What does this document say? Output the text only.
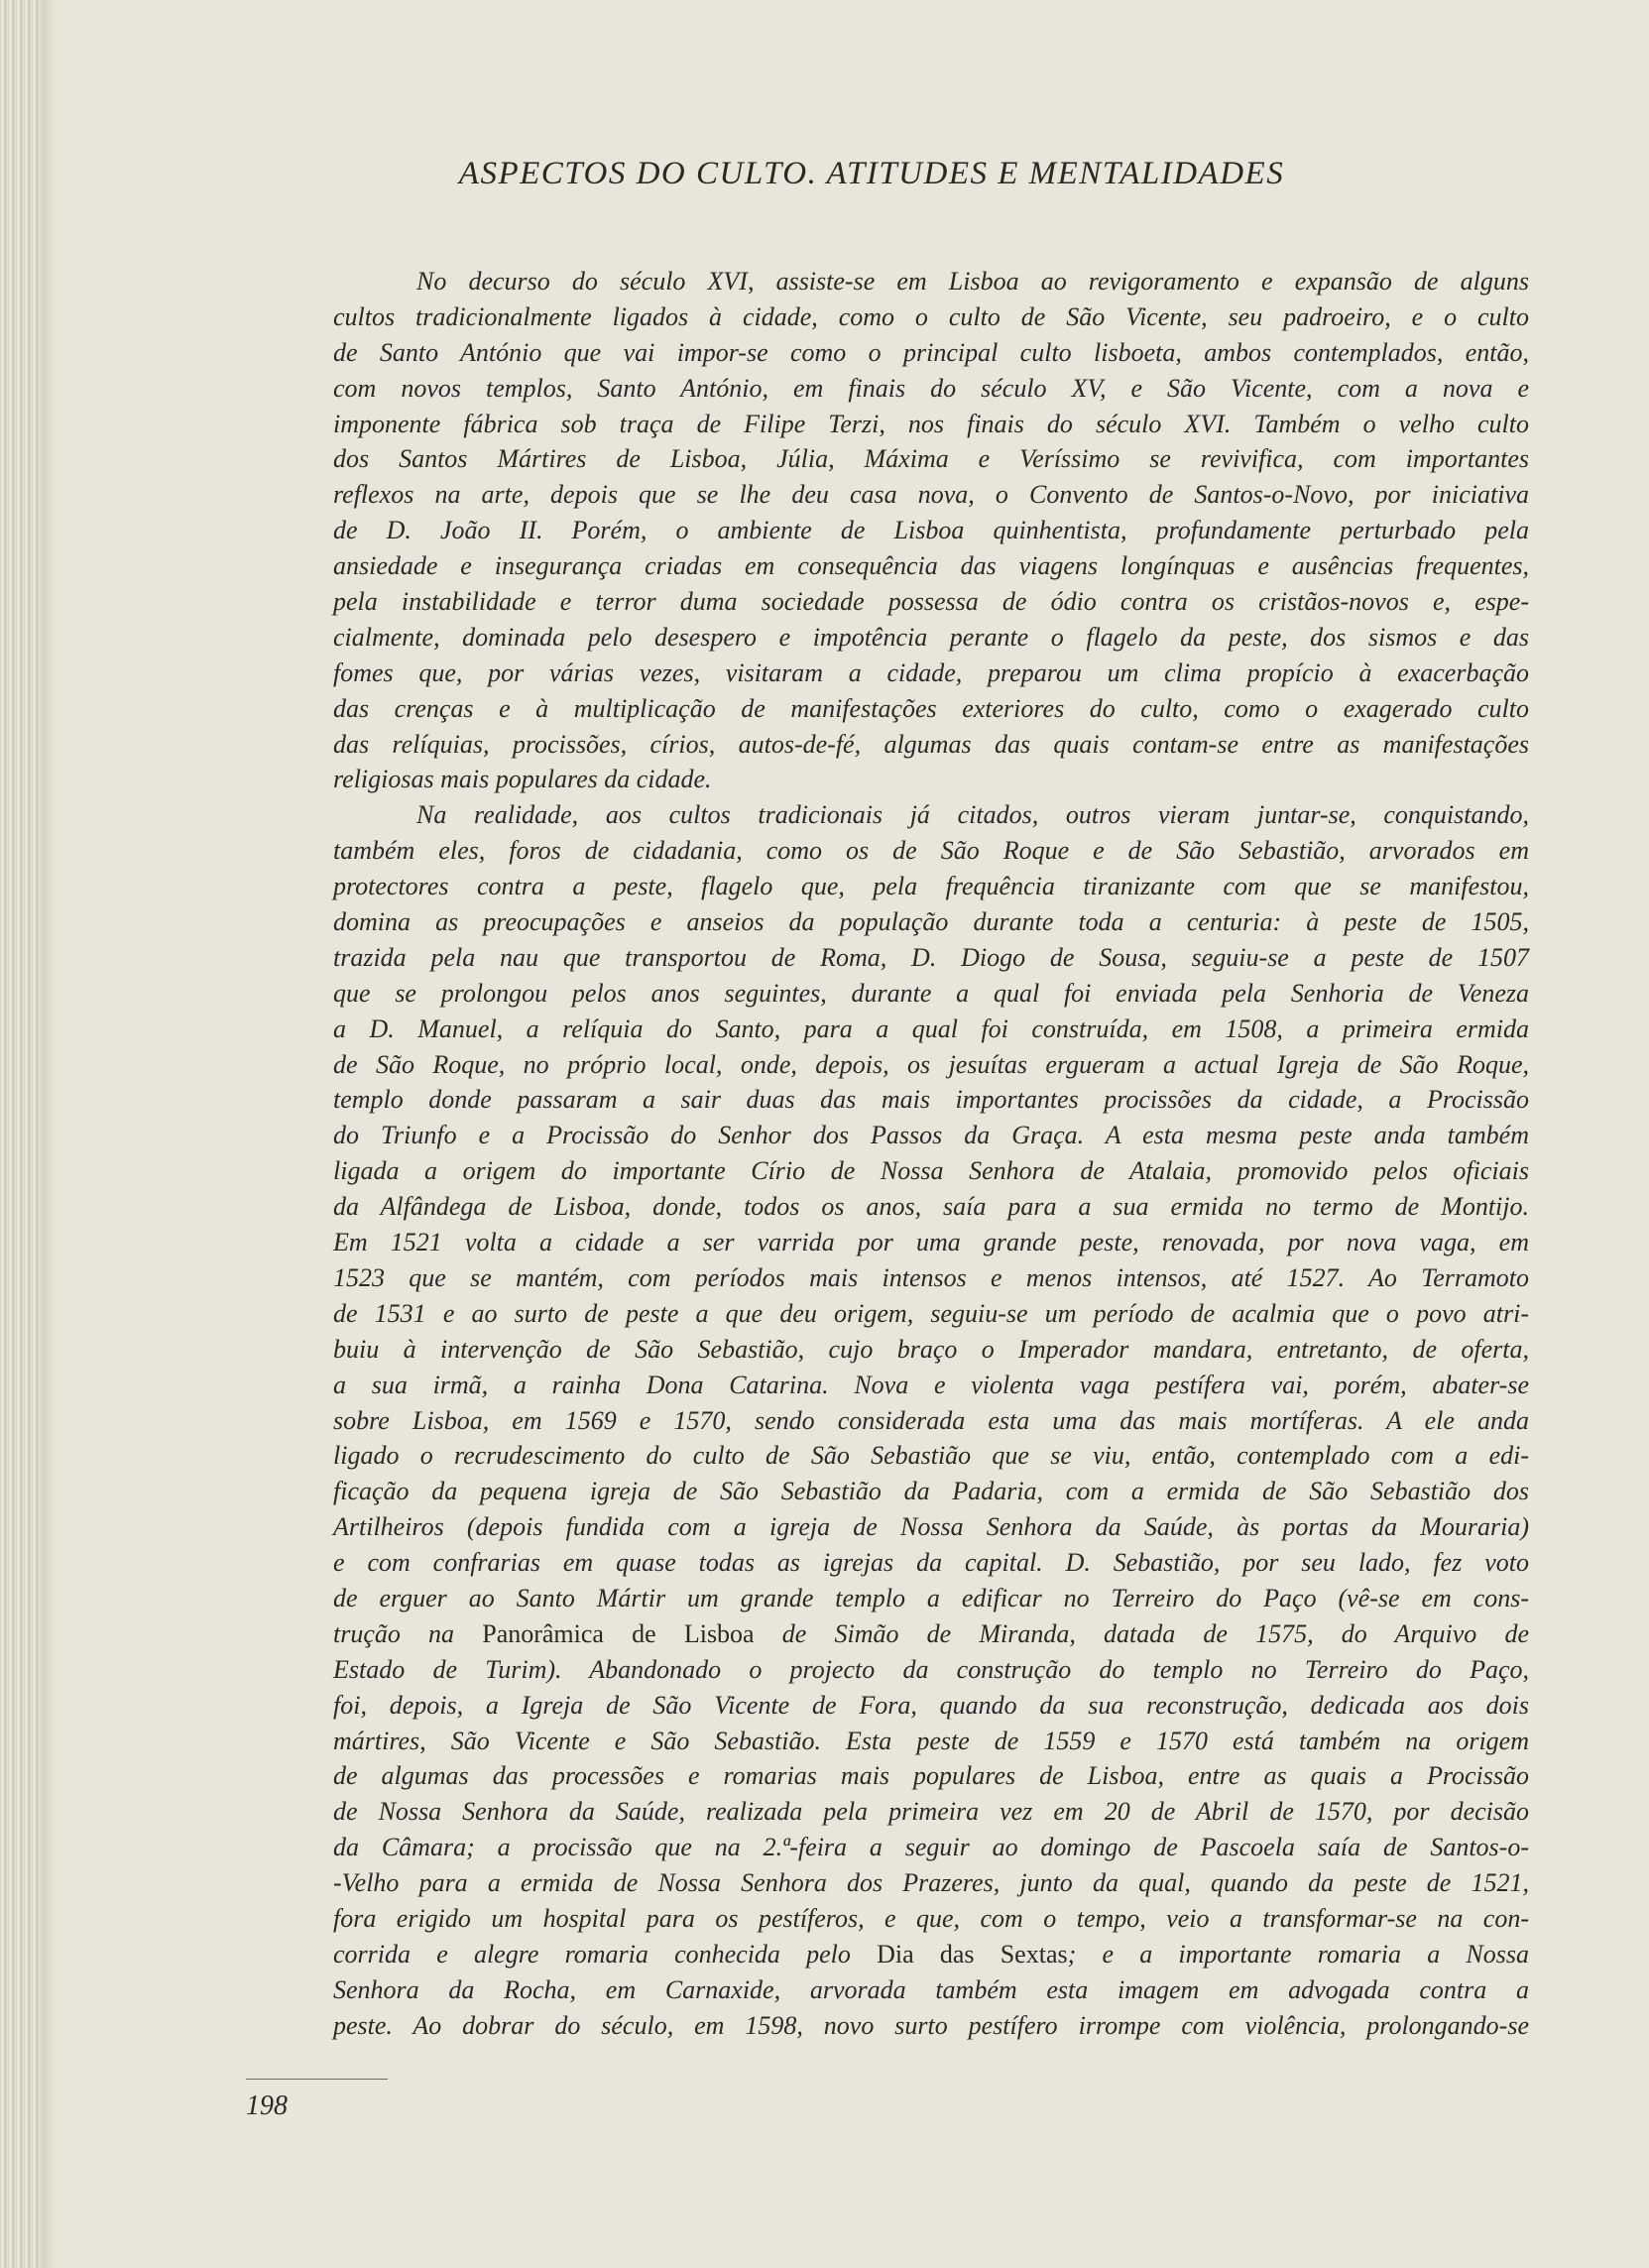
ASPECTOS DO CULTO. ATITUDES E MENTALIDADES
No decurso do século XVI, assiste-se em Lisboa ao revigoramento e expansão de alguns
cultos tradicionalmente ligados à cidade, como o culto de São Vicente, seu padroeiro, e o culto
de Santo António que vai impor-se como o principal culto lisboeta, ambos contemplados, então,
com novos templos, Santo António, em finais do século XV, e São Vicente, com a nova e
imponente fábrica sob traça de Filipe Terzi, nos finais do século XVI. Também o velho culto
dos Santos Mártires de Lisboa, Júlia, Máxima e Veríssimo se revivifica, com importantes
reflexos na arte, depois que se lhe deu casa nova, o Convento de Santos-o-Novo, por iniciativa
de D. João II. Porém, o ambiente de Lisboa quinhentista, profundamente perturbado pela
ansiedade e insegurança criadas em consequência das viagens longínquas e ausências frequentes,
pela instabilidade e terror duma sociedade possessa de ódio contra os cristãos-novos e, espe-
cialmente, dominada pelo desespero e impotência perante o flagelo da peste, dos sismos e das
fomes que, por várias vezes, visitaram a cidade, preparou um clima propício à exacerbação
das crenças e à multiplicação de manifestações exteriores do culto, como o exagerado culto
das relíquias, procissões, círios, autos-de-fé, algumas das quais contam-se entre as manifestações
religiosas mais populares da cidade.
Na realidade, aos cultos tradicionais já citados, outros vieram juntar-se, conquistando,
também eles, foros de cidadania, como os de São Roque e de São Sebastião, arvorados em
protectores contra a peste, flagelo que, pela frequência tiranizante com que se manifestou,
domina as preocupações e anseios da população durante toda a centuria: à peste de 1505,
trazida pela nau que transportou de Roma, D. Diogo de Sousa, seguiu-se a peste de 1507
que se prolongou pelos anos seguintes, durante a qual foi enviada pela Senhoria de Veneza
a D. Manuel, a relíquia do Santo, para a qual foi construída, em 1508, a primeira ermida
de São Roque, no próprio local, onde, depois, os jesuítas ergueram a actual Igreja de São Roque,
templo donde passaram a sair duas das mais importantes procissões da cidade, a Procissão
do Triunfo e a Procissão do Senhor dos Passos da Graça. A esta mesma peste anda também
ligada a origem do importante Círio de Nossa Senhora de Atalaia, promovido pelos oficiais
da Alfândega de Lisboa, donde, todos os anos, saía para a sua ermida no termo de Montijo.
Em 1521 volta a cidade a ser varrida por uma grande peste, renovada, por nova vaga, em
1523 que se mantém, com períodos mais intensos e menos intensos, até 1527. Ao Terramoto
de 1531 e ao surto de peste a que deu origem, seguiu-se um período de acalmia que o povo atri-
buiu à intervenção de São Sebastião, cujo braço o Imperador mandara, entretanto, de oferta,
a sua irmã, a rainha Dona Catarina. Nova e violenta vaga pestífera vai, porém, abater-se
sobre Lisboa, em 1569 e 1570, sendo considerada esta uma das mais mortíferas. A ele anda
ligado o recrudescimento do culto de São Sebastião que se viu, então, contemplado com a edi-
ficação da pequena igreja de São Sebastião da Padaria, com a ermida de São Sebastião dos
Artilheiros (depois fundida com a igreja de Nossa Senhora da Saúde, às portas da Mouraria)
e com confrarias em quase todas as igrejas da capital. D. Sebastião, por seu lado, fez voto
de erguer ao Santo Mártir um grande templo a edificar no Terreiro do Paço (vê-se em cons-
trução na Panorâmica de Lisboa de Simão de Miranda, datada de 1575, do Arquivo de
Estado de Turim). Abandonado o projecto da construção do templo no Terreiro do Paço,
foi, depois, a Igreja de São Vicente de Fora, quando da sua reconstrução, dedicada aos dois
mártires, São Vicente e São Sebastião. Esta peste de 1559 e 1570 está também na origem
de algumas das processões e romarias mais populares de Lisboa, entre as quais a Procissão
de Nossa Senhora da Saúde, realizada pela primeira vez em 20 de Abril de 1570, por decisão
da Câmara; a procissão que na 2.ª-feira a seguir ao domingo de Pascoela saía de Santos-o-
-Velho para a ermida de Nossa Senhora dos Prazeres, junto da qual, quando da peste de 1521,
fora erigido um hospital para os pestíferos, e que, com o tempo, veio a transformar-se na con-
corrida e alegre romaria conhecida pelo Dia das Sextas; e a importante romaria a Nossa
Senhora da Rocha, em Carnaxide, arvorada também esta imagem em advogada contra a
peste. Ao dobrar do século, em 1598, novo surto pestífero irrompe com violência, prolongando-se
198
